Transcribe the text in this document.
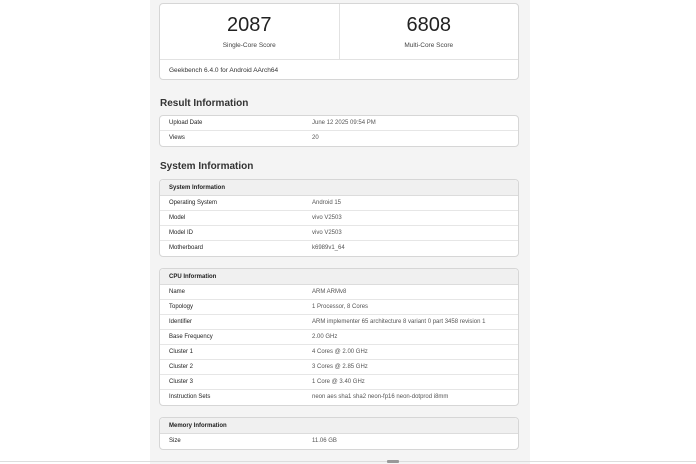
2087
Single-Core Score
6808
Multi-Core Score
Geekbench 6.4.0 for Android AArch64
Result Information
Upload Date	June 12 2025 09:54 PM
Views	20
System Information
System Information
Operating System	Android 15
Model	vivo V2503
Model ID	vivo V2503
Motherboard	k6989v1_64
CPU Information
Name	ARM ARMv8
Topology	1 Processor, 8 Cores
Identifier	ARM implementer 65 architecture 8 variant 0 part 3458 revision 1
Base Frequency	2.00 GHz
Cluster 1	4 Cores @ 2.00 GHz
Cluster 2	3 Cores @ 2.85 GHz
Cluster 3	1 Core @ 3.40 GHz
Instruction Sets	neon aes sha1 sha2 neon-fp16 neon-dotprod i8mm
Memory Information
Size	11.06 GB
